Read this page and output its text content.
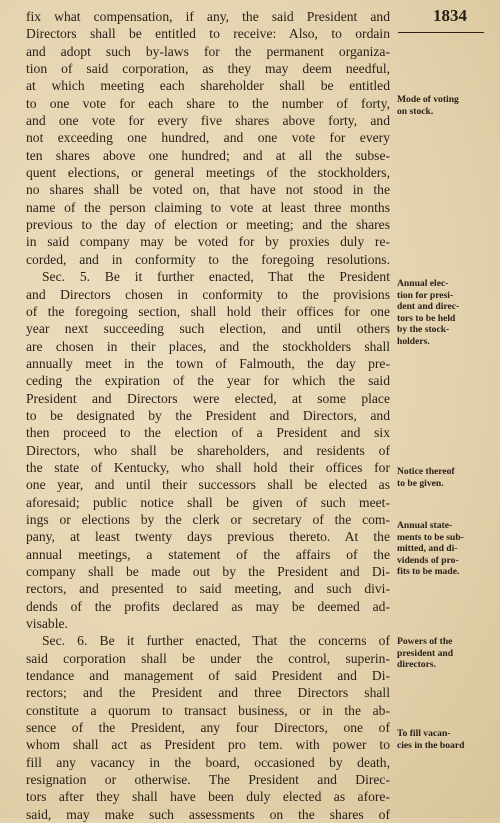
1834
fix what compensation, if any, the said President and
Directors shall be entitled to receive: Also, to ordain
and adopt such by-laws for the permanent organiza-
tion of said corporation, as they may deem needful,
at which meeting each shareholder shall be entitled
to one vote for each share to the number of forty,
and one vote for every five shares above forty, and
not exceeding one hundred, and one vote for every
ten shares above one hundred; and at all the subse-
quent elections, or general meetings of the stockholders,
no shares shall be voted on, that have not stood in the
name of the person claiming to vote at least three months
previous to the day of election or meeting; and the shares
in said company may be voted for by proxies duly re-
corded, and in conformity to the foregoing resolutions.
Sec. 5. Be it further enacted, That the President
and Directors chosen in conformity to the provisions
of the foregoing section, shall hold their offices for one
year next succeeding such election, and until others
are chosen in their places, and the stockholders shall
annually meet in the town of Falmouth, the day pre-
ceding the expiration of the year for which the said
President and Directors were elected, at some place
to be designated by the President and Directors, and
then proceed to the election of a President and six
Directors, who shall be shareholders, and residents of
the state of Kentucky, who shall hold their offices for
one year, and until their successors shall be elected as
aforesaid; public notice shall be given of such meet-
ings or elections by the clerk or secretary of the com-
pany, at least twenty days previous thereto. At the
annual meetings, a statement of the affairs of the
company shall be made out by the President and Di-
rectors, and presented to said meeting, and such divi-
dends of the profits declared as may be deemed ad-
visable.
Sec. 6. Be it further enacted, That the concerns of
said corporation shall be under the control, superin-
tendance and management of said President and Di-
rectors; and the President and three Directors shall
constitute a quorum to transact business, or in the ab-
sence of the President, any four Directors, one of
whom shall act as President pro tem. with power to
fill any vacancy in the board, occasioned by death,
resignation or otherwise. The President and Direc-
tors after they shall have been duly elected as afore-
said, may make such assessments on the shares of
Mode of voting
on stock.
Annual elec-
tion for presi-
dent and direc-
tors to be held
by the stock-
holders.
Notice thereof
to be given.
Annual state-
ments to be sub-
mitted, and di-
vidends of pro-
fits to be made.
Powers of the
president and
directors.
To fill vacan-
cies in the board
